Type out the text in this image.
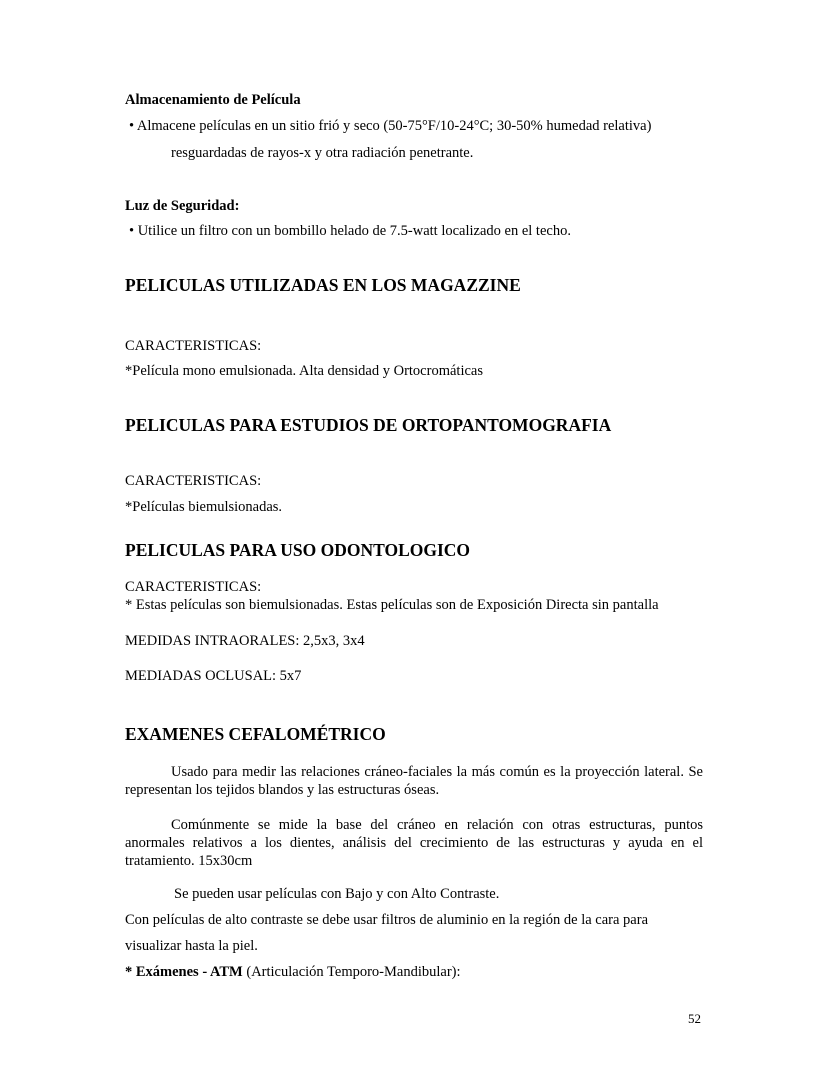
Almacenamiento de Película
• Almacene películas en un sitio frió y seco (50-75°F/10-24°C; 30-50% humedad relativa)
resguardadas de rayos-x y otra radiación penetrante.
Luz de Seguridad:
• Utilice un filtro con un bombillo helado de 7.5-watt localizado en el techo.
PELICULAS UTILIZADAS EN LOS MAGAZZINE
CARACTERISTICAS:
*Película mono emulsionada. Alta densidad y Ortocromáticas
PELICULAS PARA ESTUDIOS DE ORTOPANTOMOGRAFIA
CARACTERISTICAS:
*Películas biemulsionadas.
PELICULAS PARA USO ODONTOLOGICO
CARACTERISTICAS:
* Estas películas son biemulsionadas. Estas películas son de Exposición Directa sin pantalla
MEDIDAS INTRAORALES: 2,5x3, 3x4
MEDIADAS OCLUSAL: 5x7
EXAMENES CEFALOMÉTRICO
Usado para medir las relaciones cráneo-faciales la más común es la proyección lateral. Se representan los tejidos blandos y las estructuras óseas.
Comúnmente se mide la base del cráneo en relación con otras estructuras, puntos anormales relativos a los dientes, análisis del crecimiento de las estructuras y ayuda en el tratamiento. 15x30cm
Se pueden usar películas con Bajo y con Alto Contraste.
Con películas de alto contraste se debe usar filtros de aluminio en la región de la cara para
visualizar hasta la piel.
* Exámenes - ATM (Articulación Temporo-Mandibular):
52
